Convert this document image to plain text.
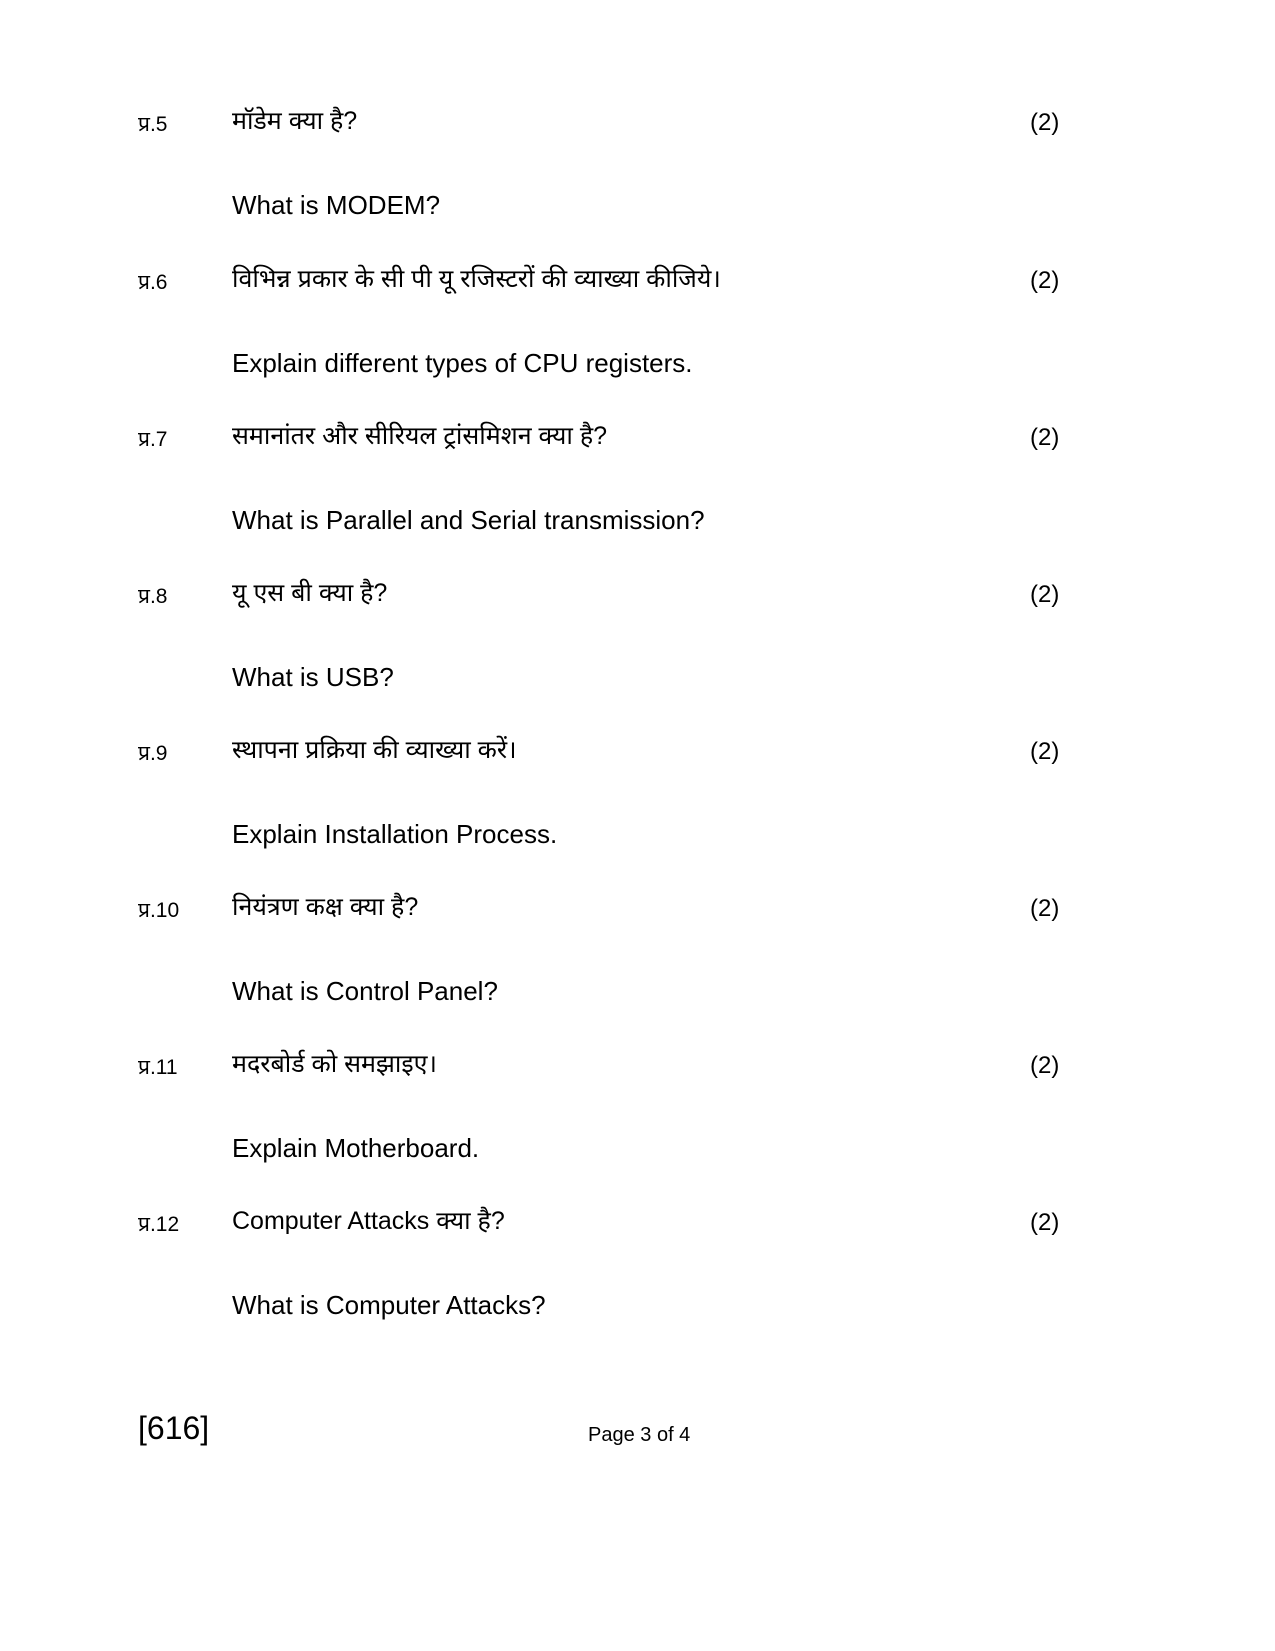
प्र.5	मॉडेम क्या है?	(2)
What is MODEM?
प्र.6	विभिन्न प्रकार के सी पी यू रजिस्टरों की व्याख्या कीजिये।	(2)
Explain different types of CPU registers.
प्र.7	समानांतर और सीरियल ट्रांसमिशन क्या है?	(2)
What is Parallel and Serial transmission?
प्र.8	यू एस बी क्या है?	(2)
What is USB?
प्र.9	स्थापना प्रक्रिया की व्याख्या करें।	(2)
Explain Installation Process.
प्र.10 नियंत्रण कक्ष क्या है?	(2)
What is Control Panel?
प्र.11 मदरबोर्ड को समझाइए।	(2)
Explain Motherboard.
प्र.12 Computer Attacks क्या है?	(2)
What is Computer Attacks?
[616]	Page 3 of 4
